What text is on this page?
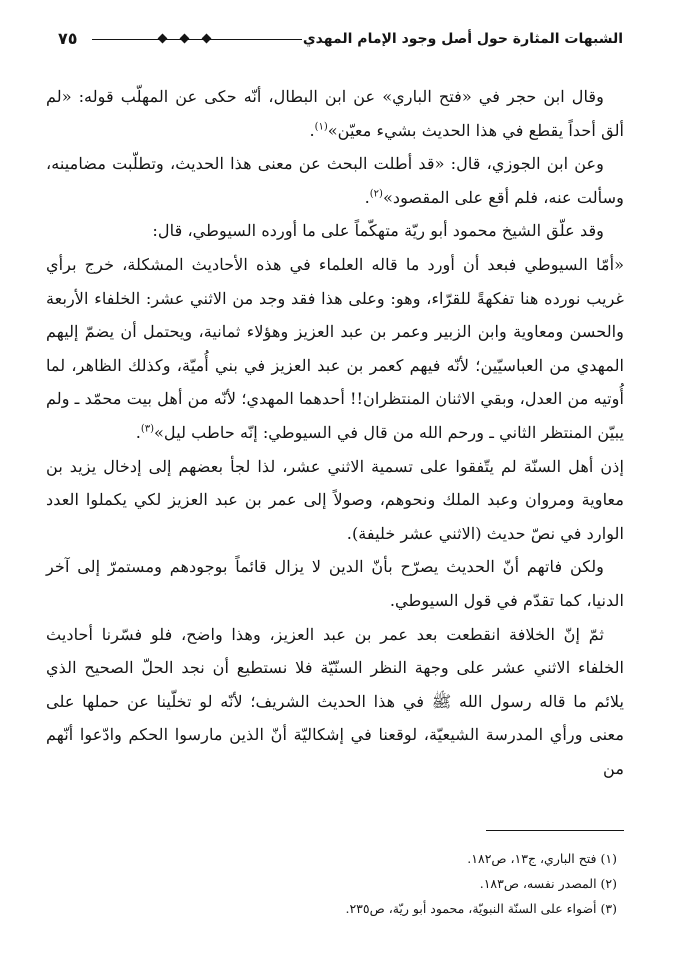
٧٥	الشبهات المثارة حول أصل وجود الإمام المهدي

وقال ابن حجر في «فتح الباري» عن ابن البطال، أنّه حكى عن المهلّب قوله: «لم ألق أحداً يقطع في هذا الحديث بشيء معيّن»$^{(١)}$.

وعن ابن الجوزي، قال: «قد أطلت البحث عن معنى هذا الحديث، وتطلّبت مضامينه، وسألت عنه، فلم أقع على المقصود»$^{(٢)}$.

وقد علّق الشيخ محمود أبو ريّة متهكّماً على ما أورده السيوطي، قال:

«أمّا السيوطي فبعد أن أورد ما قاله العلماء في هذه الأحاديث المشكلة، خرج برأي غريب نورده هنا تفكهةً للقرّاء، وهو: وعلى هذا فقد وجد من الاثني عشر: الخلفاء الأربعة والحسن ومعاوية وابن الزبير وعمر بن عبد العزيز وهؤلاء ثمانية، ويحتمل أن يضمّ إليهم المهدي من العباسيّين؛ لأنّه فيهم كعمر بن عبد العزيز في بني أُميّة، وكذلك الظاهر، لما أُوتيه من العدل، وبقي الاثنان المنتظران!! أحدهما المهدي؛ لأنّه من أهل بيت محمّد ـ ولم يبيّن المنتظر الثاني ـ ورحم الله من قال في السيوطي: إنّه حاطب ليل»$^{(٣)}$.

إذن أهل السنّة لم يتّفقوا على تسمية الاثني عشر، لذا لجأ بعضهم إلى إدخال يزيد بن معاوية ومروان وعبد الملك ونحوهم، وصولاً إلى عمر بن عبد العزيز لكي يكملوا العدد الوارد في نصّ حديث (الاثني عشر خليفة).

ولكن فاتهم أنّ الحديث يصرّح بأنّ الدين لا يزال قائماً بوجودهم ومستمرّ إلى آخر الدنيا، كما تقدّم في قول السيوطي.

ثمّ إنّ الخلافة انقطعت بعد عمر بن عبد العزيز، وهذا واضح، فلو فسّرنا أحاديث الخلفاء الاثني عشر على وجهة النظر السنّيّة فلا نستطيع أن نجد الحلّ الصحيح الذي يلائم ما قاله رسول الله ﷺ في هذا الحديث الشريف؛ لأنّه لو تخلّينا عن حملها على معنى ورأي المدرسة الشيعيّة، لوقعنا في إشكاليّة أنّ الذين مارسوا الحكم وادّعوا أنّهم من

(١) فتح الباري، ج١٣، ص١٨٢.

(٢) المصدر نفسه، ص١٨٣.

(٣) أضواء على السنّة النبويّة، محمود أبو ريّة، ص٢٣٥.
